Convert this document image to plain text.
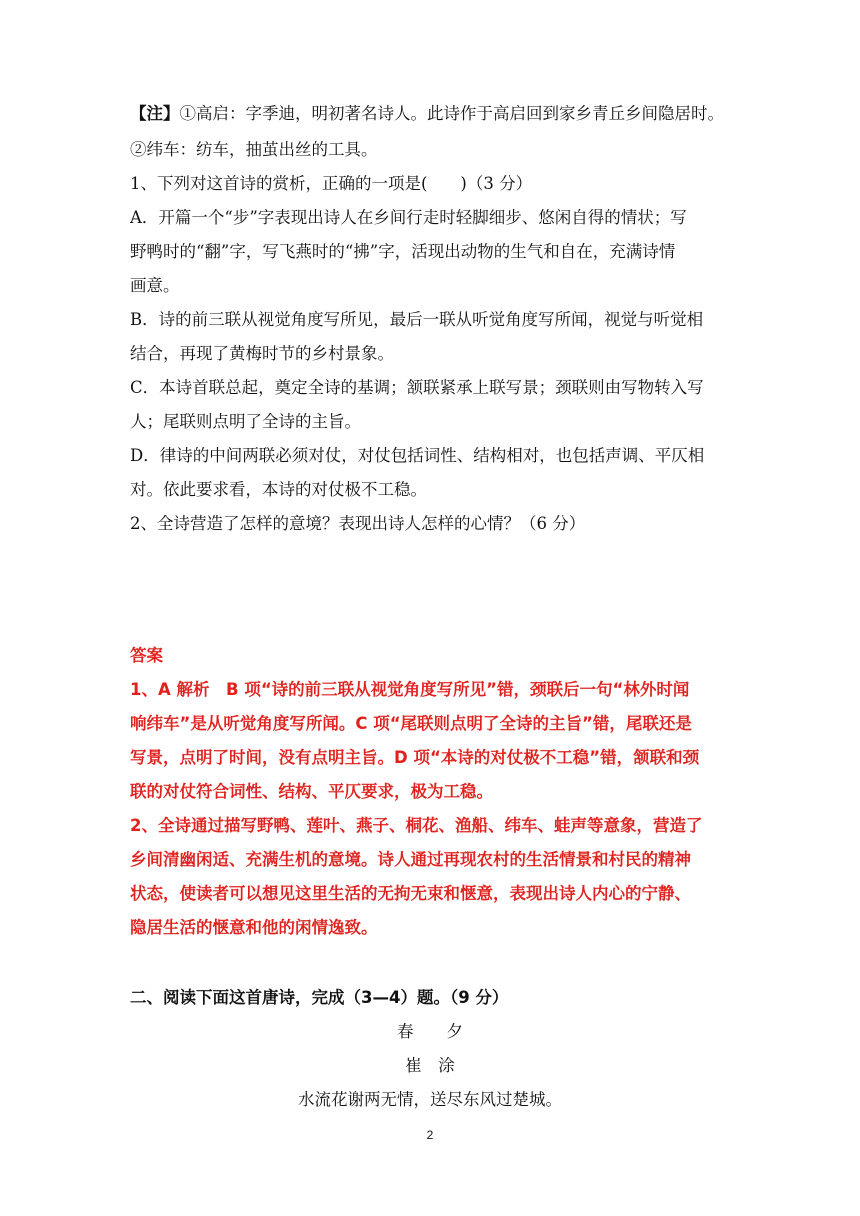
【注】①高启：字季迪，明初著名诗人。此诗作于高启回到家乡青丘乡间隐居时。
②纬车：纺车，抽茧出丝的工具。
1、下列对这首诗的赏析，正确的一项是(　　)（3 分）
A．开篇一个“步”字表现出诗人在乡间行走时轻脚细步、悠闲自得的情状；写
野鸭时的“翻”字，写飞燕时的“拂”字，活现出动物的生气和自在，充满诗情
画意。
B．诗的前三联从视觉角度写所见，最后一联从听觉角度写所闻，视觉与听觉相
结合，再现了黄梅时节的乡村景象。
C．本诗首联总起，奠定全诗的基调；颔联紧承上联写景；颈联则由写物转入写
人；尾联则点明了全诗的主旨。
D．律诗的中间两联必须对仗，对仗包括词性、结构相对，也包括声调、平仄相
对。依此要求看，本诗的对仗极不工稳。
2、全诗营造了怎样的意境？表现出诗人怎样的心情？（6 分）
答案
1、A 解析　B 项“诗的前三联从视觉角度写所见”错，颈联后一句“林外时闻
响纬车”是从听觉角度写所闻。C 项“尾联则点明了全诗的主旨”错，尾联还是
写景，点明了时间，没有点明主旨。D 项“本诗的对仗极不工稳”错，颔联和颈
联的对仗符合词性、结构、平仄要求，极为工稳。
2、全诗通过描写野鸭、莲叶、燕子、桐花、渔船、纬车、蛙声等意象，营造了
乡间清幽闲适、充满生机的意境。诗人通过再现农村的生活情景和村民的精神
状态，使读者可以想见这里生活的无拘无束和惬意，表现出诗人内心的宁静、
隐居生活的惬意和他的闲情逸致。
二、阅读下面这首唐诗，完成（3—4）题。（9 分）
春　　夕
崔　涂
水流花谢两无情，送尽东风过楚城。
2
